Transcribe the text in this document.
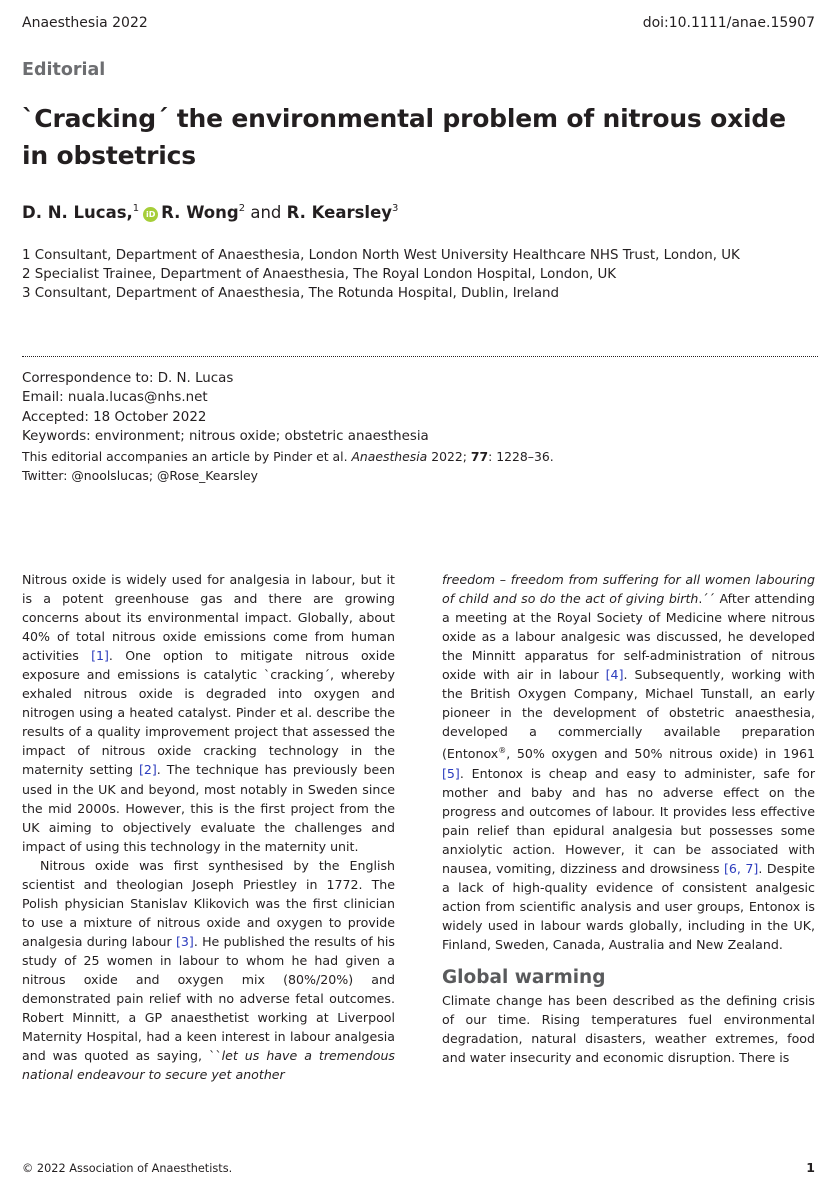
Anaesthesia 2022	doi:10.1111/anae.15907
Editorial
`Cracking´ the environmental problem of nitrous oxide in obstetrics
D. N. Lucas,$^1$iD R. Wong$^2$ and R. Kearsley$^3$
1 Consultant, Department of Anaesthesia, London North West University Healthcare NHS Trust, London, UK
2 Specialist Trainee, Department of Anaesthesia, The Royal London Hospital, London, UK
3 Consultant, Department of Anaesthesia, The Rotunda Hospital, Dublin, Ireland
Correspondence to: D. N. Lucas
Email: nuala.lucas@nhs.net
Accepted: 18 October 2022
Keywords: environment; nitrous oxide; obstetric anaesthesia
This editorial accompanies an article by Pinder et al. Anaesthesia 2022; 77: 1228–36.
Twitter: @noolslucas; @Rose_Kearsley

Nitrous oxide is widely used for analgesia in labour, but it is a potent greenhouse gas and there are growing concerns about its environmental impact. Globally, about 40% of total nitrous oxide emissions come from human activities [1]. One option to mitigate nitrous oxide exposure and emissions is catalytic `cracking´, whereby exhaled nitrous oxide is degraded into oxygen and nitrogen using a heated catalyst. Pinder et al. describe the results of a quality improvement project that assessed the impact of nitrous oxide cracking technology in the maternity setting [2]. The technique has previously been used in the UK and beyond, most notably in Sweden since the mid 2000s. However, this is the first project from the UK aiming to objectively evaluate the challenges and impact of using this technology in the maternity unit.

Nitrous oxide was first synthesised by the English scientist and theologian Joseph Priestley in 1772. The Polish physician Stanislav Klikovich was the first clinician to use a mixture of nitrous oxide and oxygen to provide analgesia during labour [3]. He published the results of his study of 25 women in labour to whom he had given a nitrous oxide and oxygen mix (80%/20%) and demonstrated pain relief with no adverse fetal outcomes. Robert Minnitt, a GP anaesthetist working at Liverpool Maternity Hospital, had a keen interest in labour analgesia and was quoted as saying, ``let us have a tremendous national endeavour to secure yet another

freedom – freedom from suffering for all women labouring of child and so do the act of giving birth.´´ After attending a meeting at the Royal Society of Medicine where nitrous oxide as a labour analgesic was discussed, he developed the Minnitt apparatus for self-administration of nitrous oxide with air in labour [4]. Subsequently, working with the British Oxygen Company, Michael Tunstall, an early pioneer in the development of obstetric anaesthesia, developed a commercially available preparation (Entonox®, 50% oxygen and 50% nitrous oxide) in 1961 [5]. Entonox is cheap and easy to administer, safe for mother and baby and has no adverse effect on the progress and outcomes of labour. It provides less effective pain relief than epidural analgesia but possesses some anxiolytic action. However, it can be associated with nausea, vomiting, dizziness and drowsiness [6, 7]. Despite a lack of high-quality evidence of consistent analgesic action from scientific analysis and user groups, Entonox is widely used in labour wards globally, including in the UK, Finland, Sweden, Canada, Australia and New Zealand.

Global warming

Climate change has been described as the defining crisis of our time. Rising temperatures fuel environmental degradation, natural disasters, weather extremes, food and water insecurity and economic disruption. There is

© 2022 Association of Anaesthetists.	1
